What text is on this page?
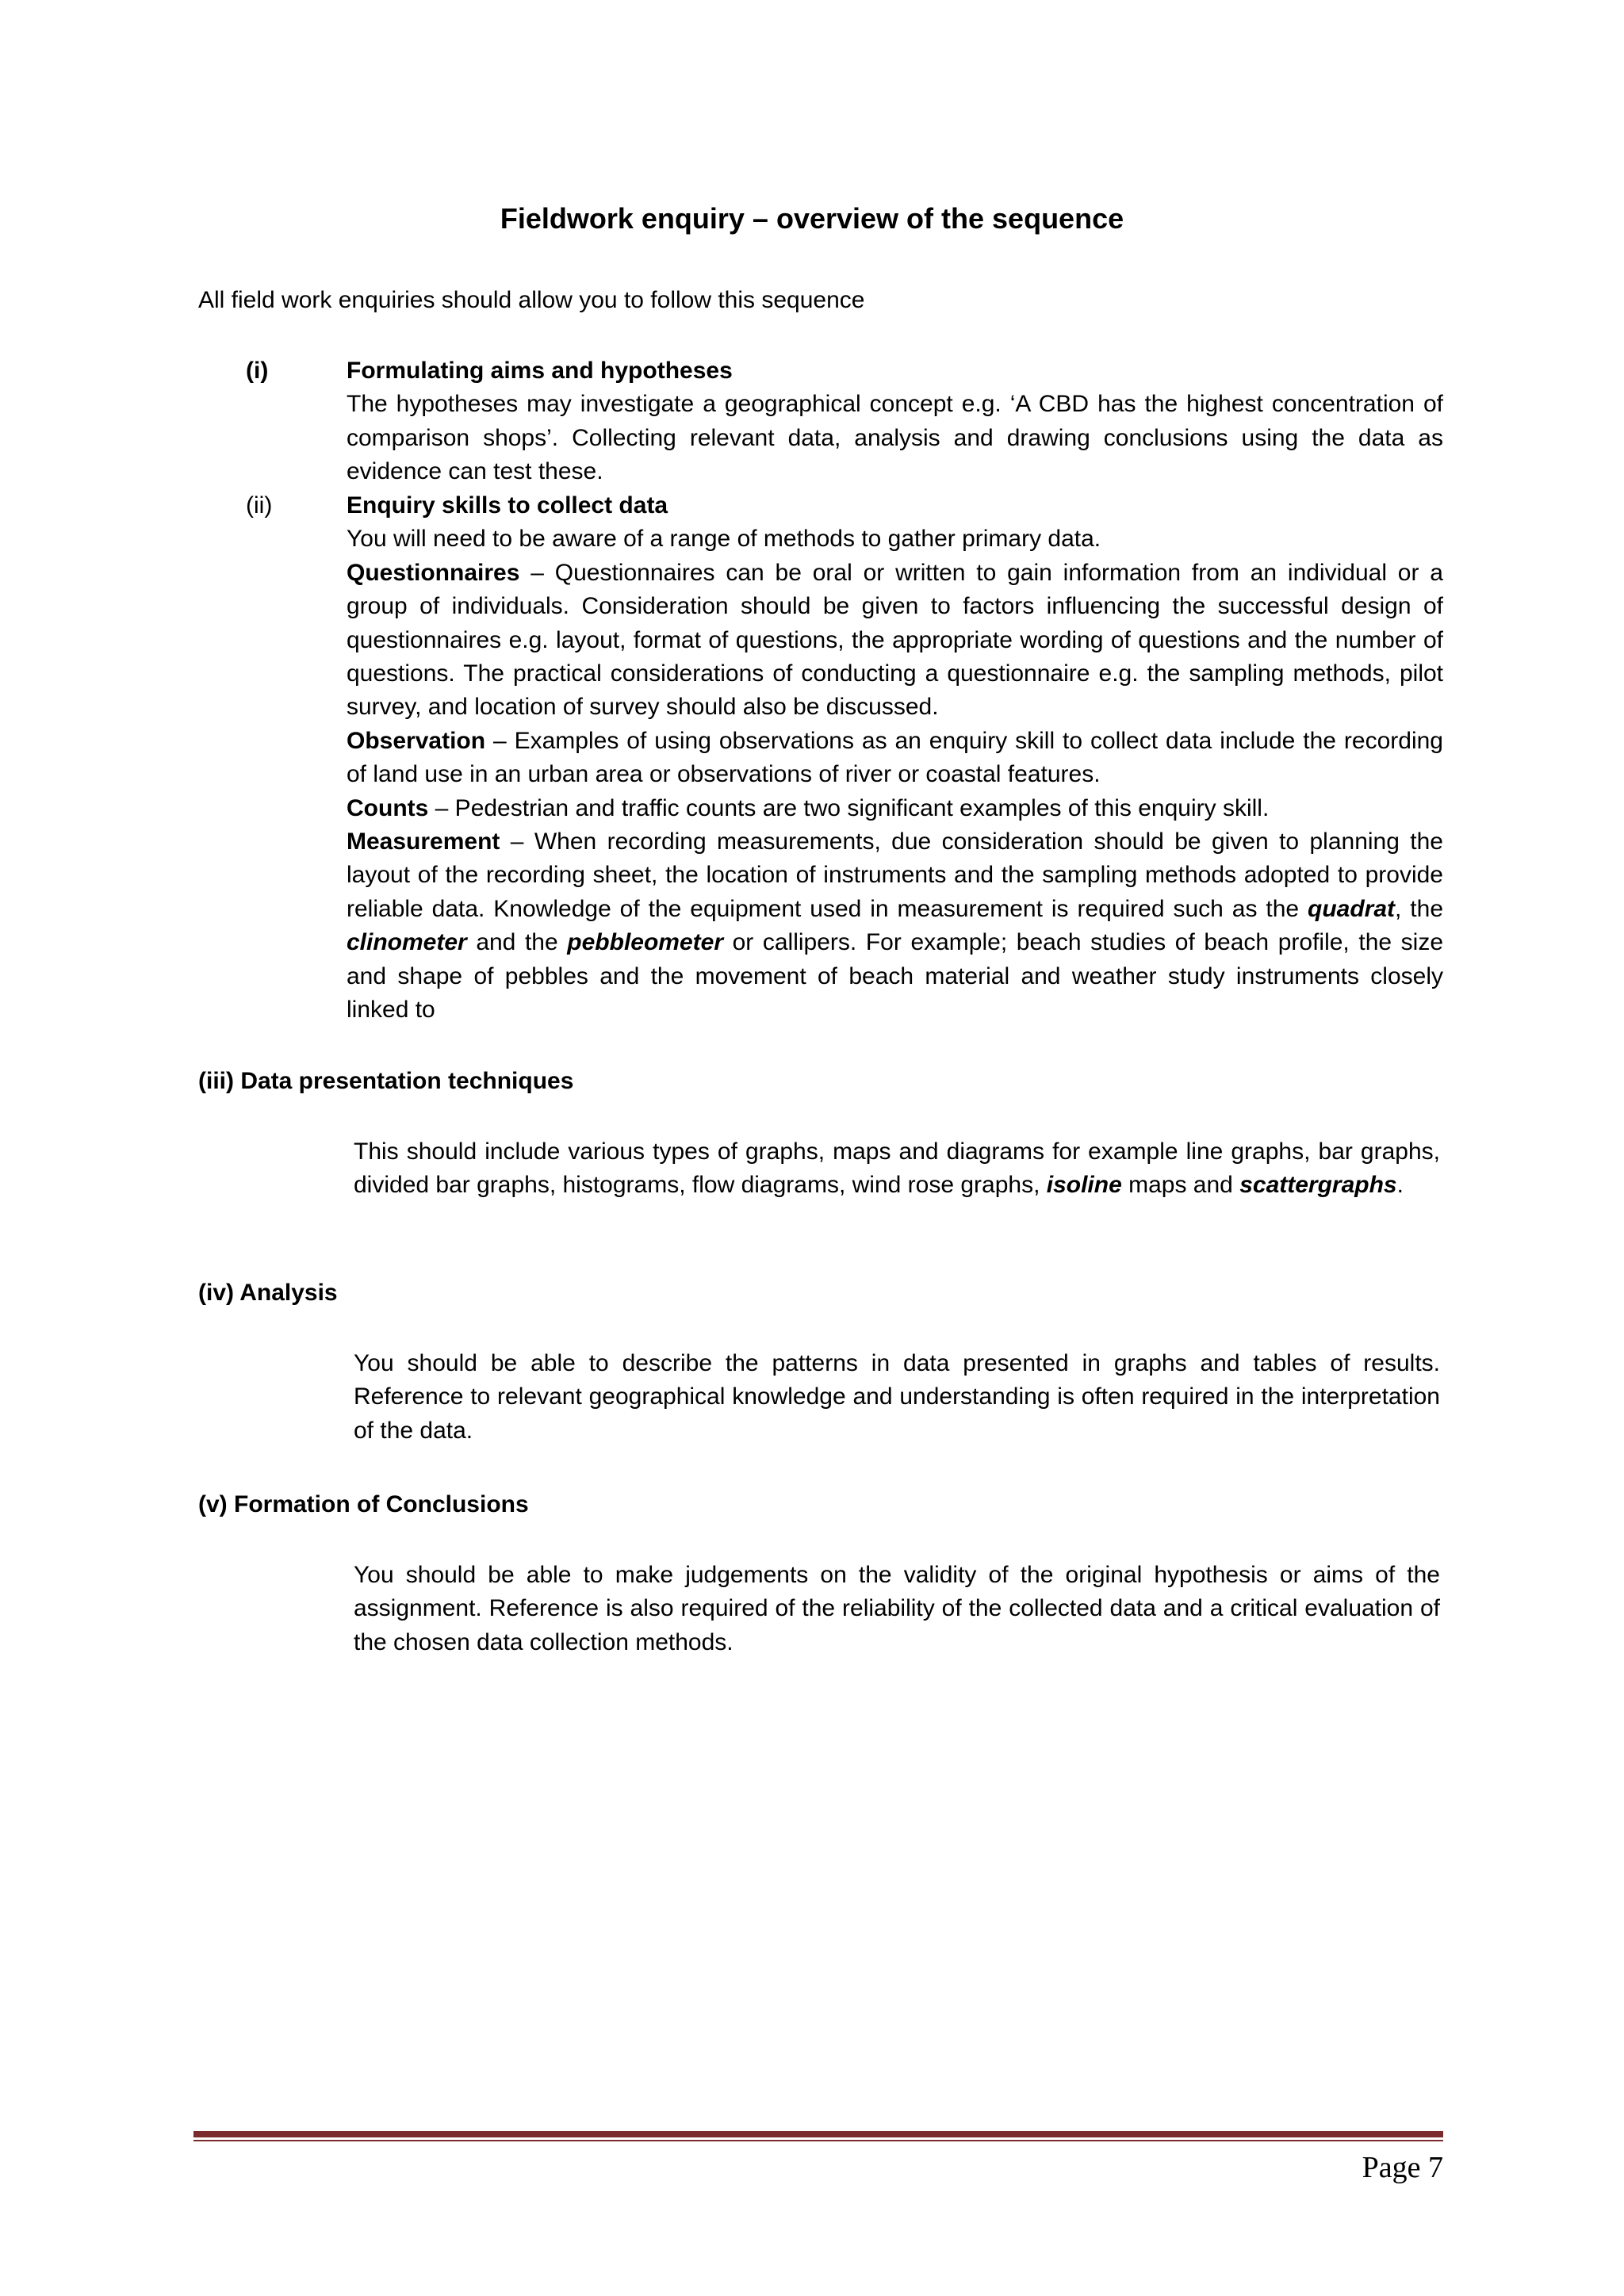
Fieldwork enquiry – overview of the sequence
All field work enquiries should allow you to follow this sequence
(i)	Formulating aims and hypotheses

The hypotheses may investigate a geographical concept e.g. ‘A CBD has the highest concentration of comparison shops’. Collecting relevant data, analysis and drawing conclusions using the data as evidence can test these.

(ii)	Enquiry skills to collect data

You will need to be aware of a range of methods to gather primary data.

Questionnaires – Questionnaires can be oral or written to gain information from an individual or a group of individuals. Consideration should be given to factors influencing the successful design of questionnaires e.g. layout, format of questions, the appropriate wording of questions and the number of questions. The practical considerations of conducting a questionnaire e.g. the sampling methods, pilot survey, and location of survey should also be discussed.

Observation – Examples of using observations as an enquiry skill to collect data include the recording of land use in an urban area or observations of river or coastal features.

Counts – Pedestrian and traffic counts are two significant examples of this enquiry skill.

Measurement – When recording measurements, due consideration should be given to planning the layout of the recording sheet, the location of instruments and the sampling methods adopted to provide reliable data. Knowledge of the equipment used in measurement is required such as the quadrat, the clinometer and the pebbleometer or callipers. For example; beach studies of beach profile, the size and shape of pebbles and the movement of beach material and weather study instruments closely linked to

(iii) Data presentation techniques

This should include various types of graphs, maps and diagrams for example line graphs, bar graphs, divided bar graphs, histograms, flow diagrams, wind rose graphs, isoline maps and scattergraphs.

(iv) Analysis

You should be able to describe the patterns in data presented in graphs and tables of results. Reference to relevant geographical knowledge and understanding is often required in the interpretation of the data.

(v) Formation of Conclusions

You should be able to make judgements on the validity of the original hypothesis or aims of the assignment. Reference is also required of the reliability of the collected data and a critical evaluation of the chosen data collection methods.

Page 7
